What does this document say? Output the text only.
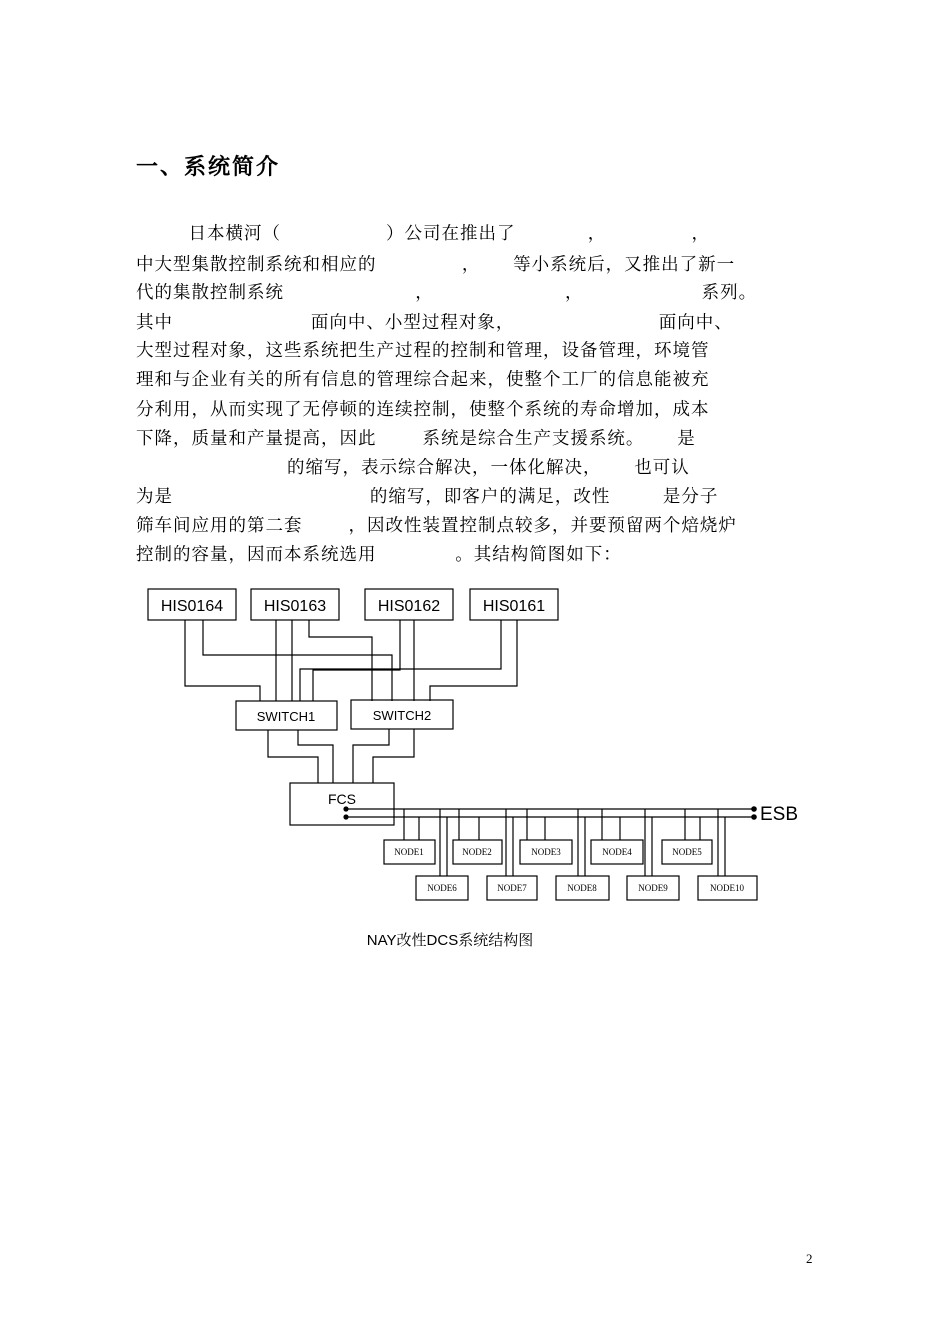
一、系统简介
日本横河（                ）公司在推出了           ，             ，
中大型集散控制系统和相应的             ，     等小系统后，又推出了新一
代的集散控制系统                    ，                    ，                  系列。
其中                     面向中、小型过程对象，                      面向中、
大型过程对象，这些系统把生产过程的控制和管理，设备管理，环境管
理和与企业有关的所有信息的管理综合起来，使整个工厂的信息能被充
分利用，从而实现了无停顿的连续控制，使整个系统的寿命增加，成本
下降，质量和产量提高，因此       系统是综合生产支援系统。     是
的缩写，表示综合解决，一体化解决，     也可认
为是                              的缩写，即客户的满足，改性        是分子
筛车间应用的第二套       ，因改性装置控制点较多，并要预留两个焙烧炉
控制的容量，因而本系统选用            。其结构简图如下：
HIS0164	HIS0163	HIS0162	HIS0161
SWITCH1	SWITCH2
FCS
ESB
NODE1	NODE2	NODE3	NODE4	NODE5
NODE6	NODE7	NODE8	NODE9	NODE10
NAY改性DCS系统结构图
2
